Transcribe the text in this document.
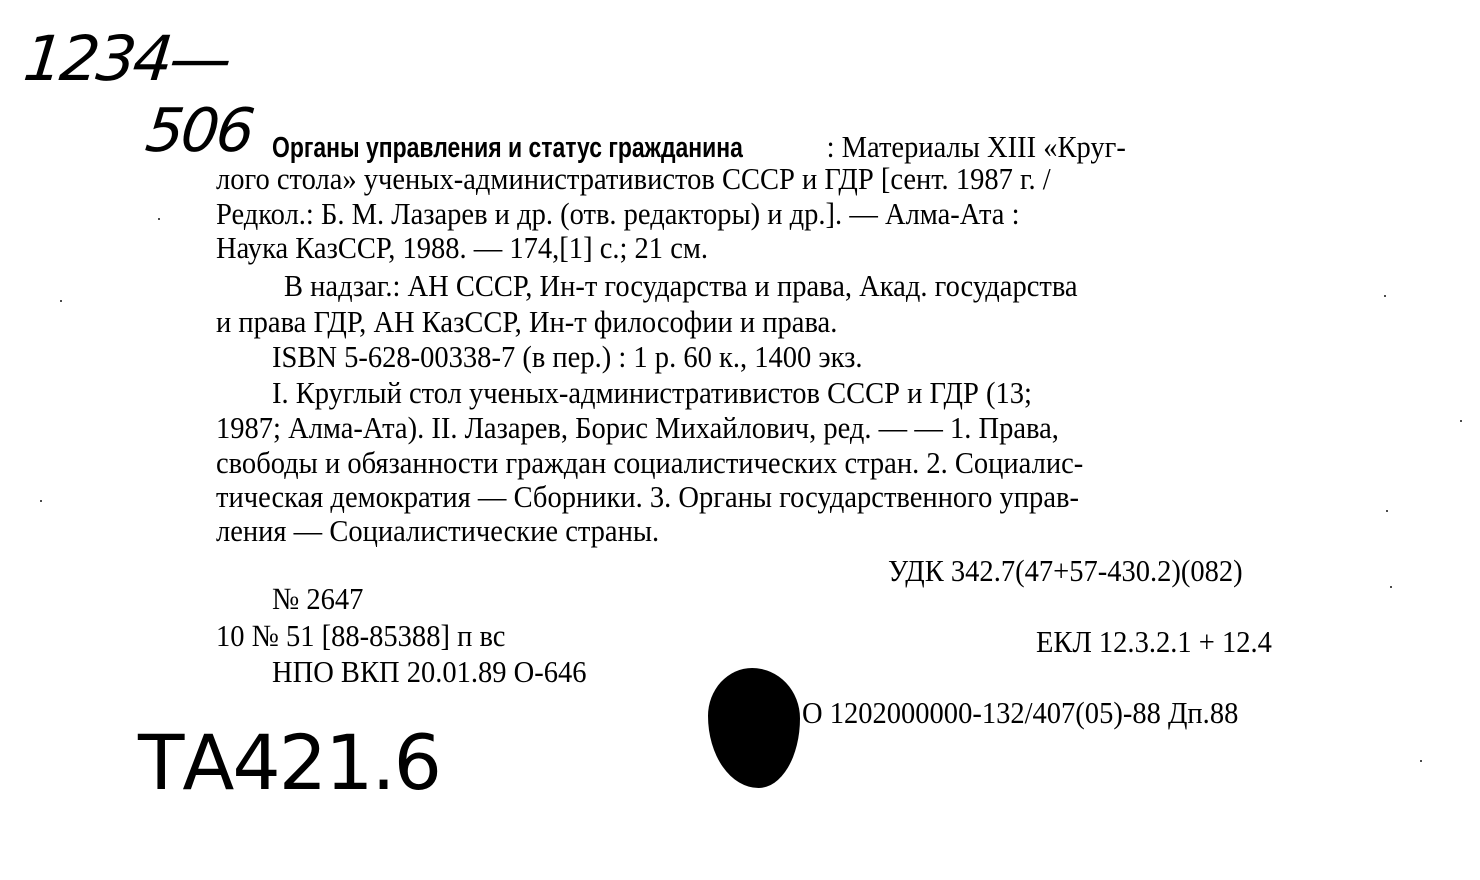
1234—
506 Органы управления и статус гражданина : Материалы XIII «Круг-
лого стола» ученых-административистов СССР и ГДР [сент. 1987 г. /
Редкол.: Б. М. Лазарев и др. (отв. редакторы) и др.]. — Алма-Ата :
Наука КазССР, 1988. — 174,[1] с.; 21 см.
В надзаг.: АН СССР, Ин-т государства и права, Акад. государства
и права ГДР, АН КазССР, Ин-т философии и права.
ISBN 5-628-00338-7 (в пер.) : 1 р. 60 к., 1400 экз.
I. Круглый стол ученых-административистов СССР и ГДР (13;
1987; Алма-Ата). II. Лазарев, Борис Михайлович, ред. — — 1. Права,
свободы и обязанности граждан социалистических стран. 2. Социалис-
тическая демократия — Сборники. 3. Органы государственного управ-
ления — Социалистические страны.
УДК 342.7(47+57-430.2)(082)
№ 2647
10 № 51 [88-85388] п вс	ЕКЛ 12.3.2.1 + 12.4
НПО ВКП 20.01.89 О-646
О 1202000000-132/407(05)-88 Дп.88
ТА421.6
